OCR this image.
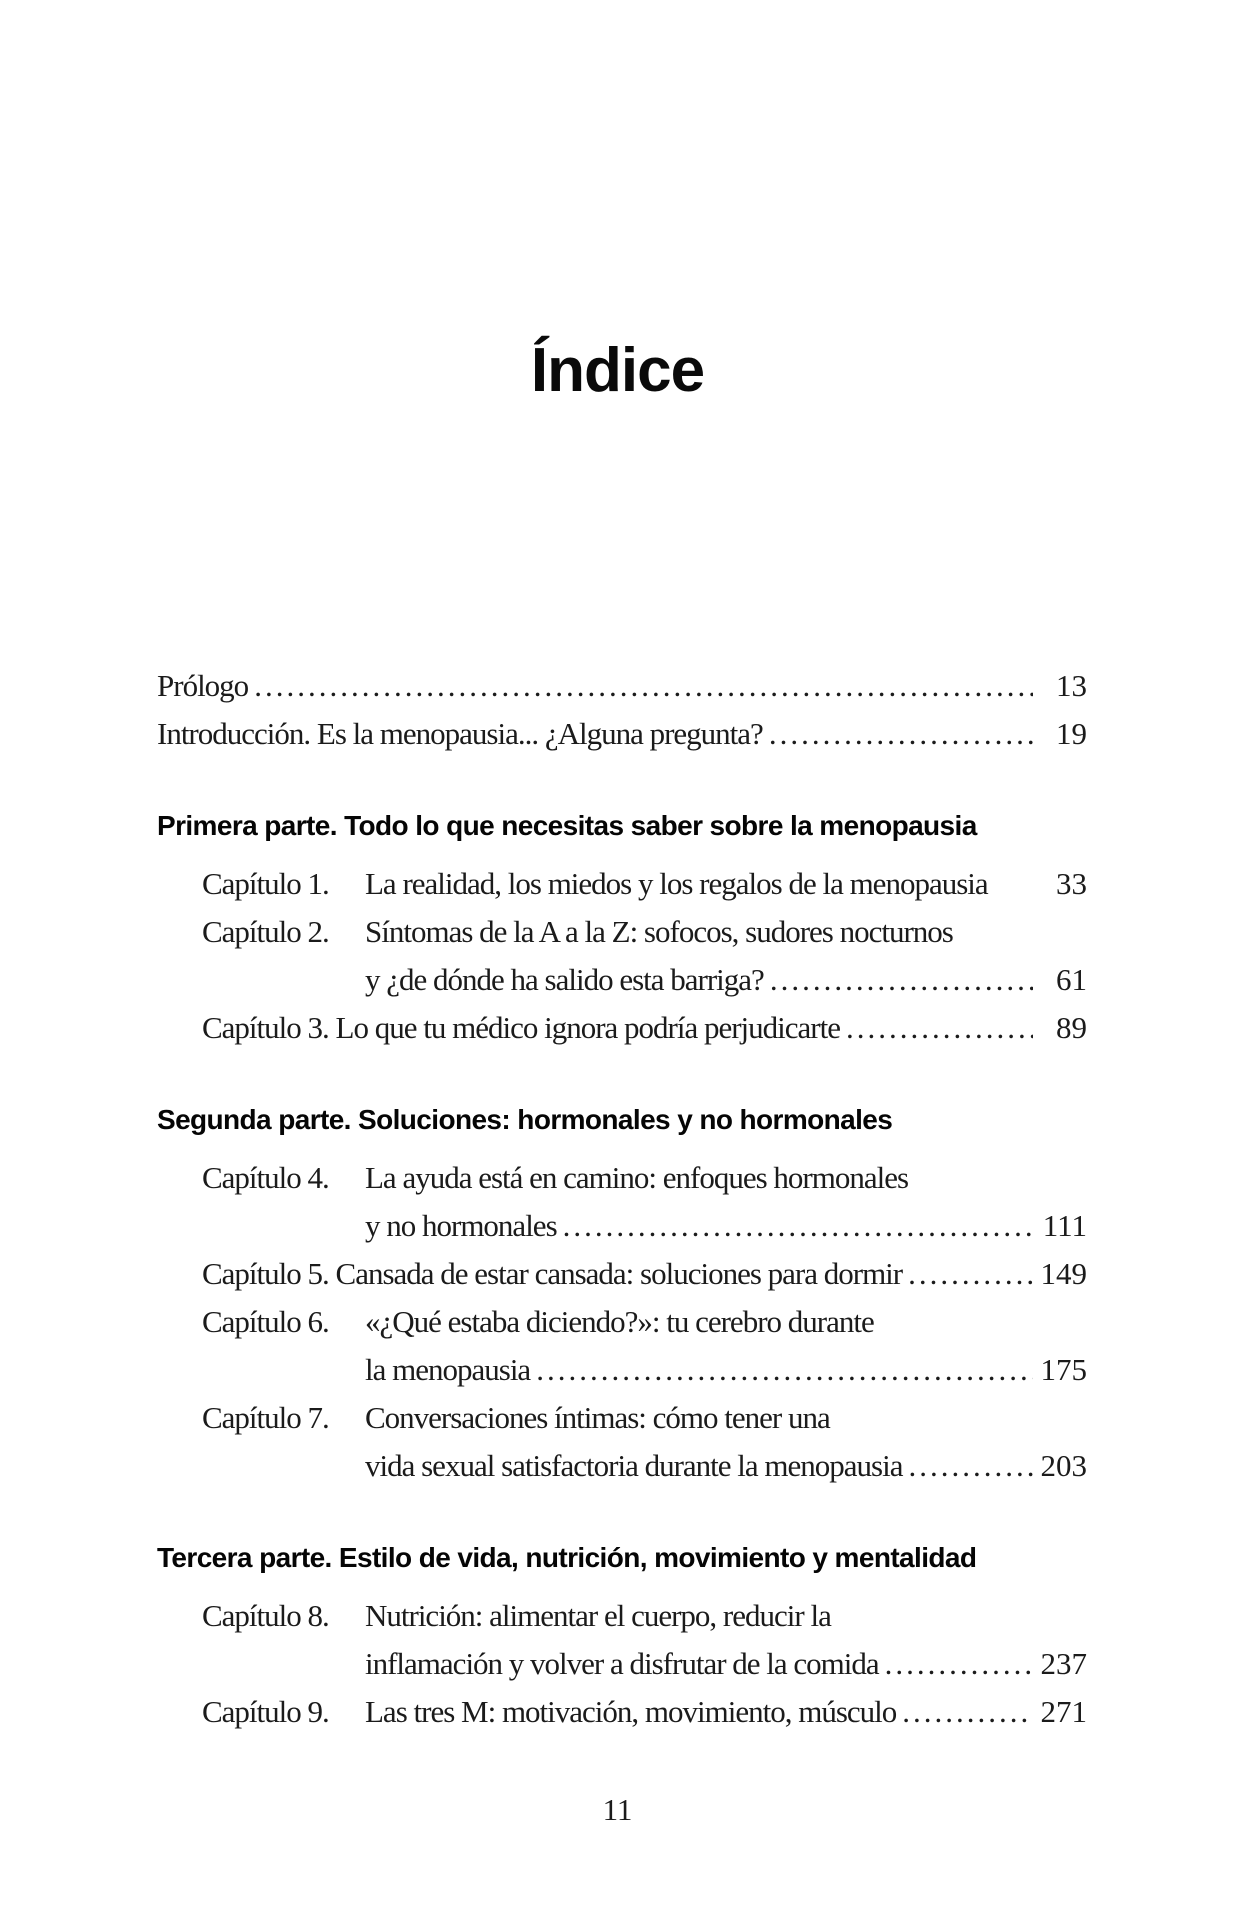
Índice
Prólogo .....	13
Introducción. Es la menopausia... ¿Alguna pregunta? .....	19
Primera parte. Todo lo que necesitas saber sobre la menopausia
Capítulo 1.	La realidad, los miedos y los regalos de la menopausia	33
Capítulo 2.	Síntomas de la A a la Z: sofocos, sudores nocturnos
y ¿de dónde ha salido esta barriga? .....	61
Capítulo 3. Lo que tu médico ignora podría perjudicarte .....	89
Segunda parte. Soluciones: hormonales y no hormonales
Capítulo 4.	La ayuda está en camino: enfoques hormonales
y no hormonales .....	111
Capítulo 5. Cansada de estar cansada: soluciones para dormir .....	149
Capítulo 6.	«¿Qué estaba diciendo?»: tu cerebro durante
la menopausia .....	175
Capítulo 7.	Conversaciones íntimas: cómo tener una
vida sexual satisfactoria durante la menopausia .....	203
Tercera parte. Estilo de vida, nutrición, movimiento y mentalidad
Capítulo 8.	Nutrición: alimentar el cuerpo, reducir la
inflamación y volver a disfrutar de la comida .....	237
Capítulo 9.	Las tres M: motivación, movimiento, músculo .....	271
11
